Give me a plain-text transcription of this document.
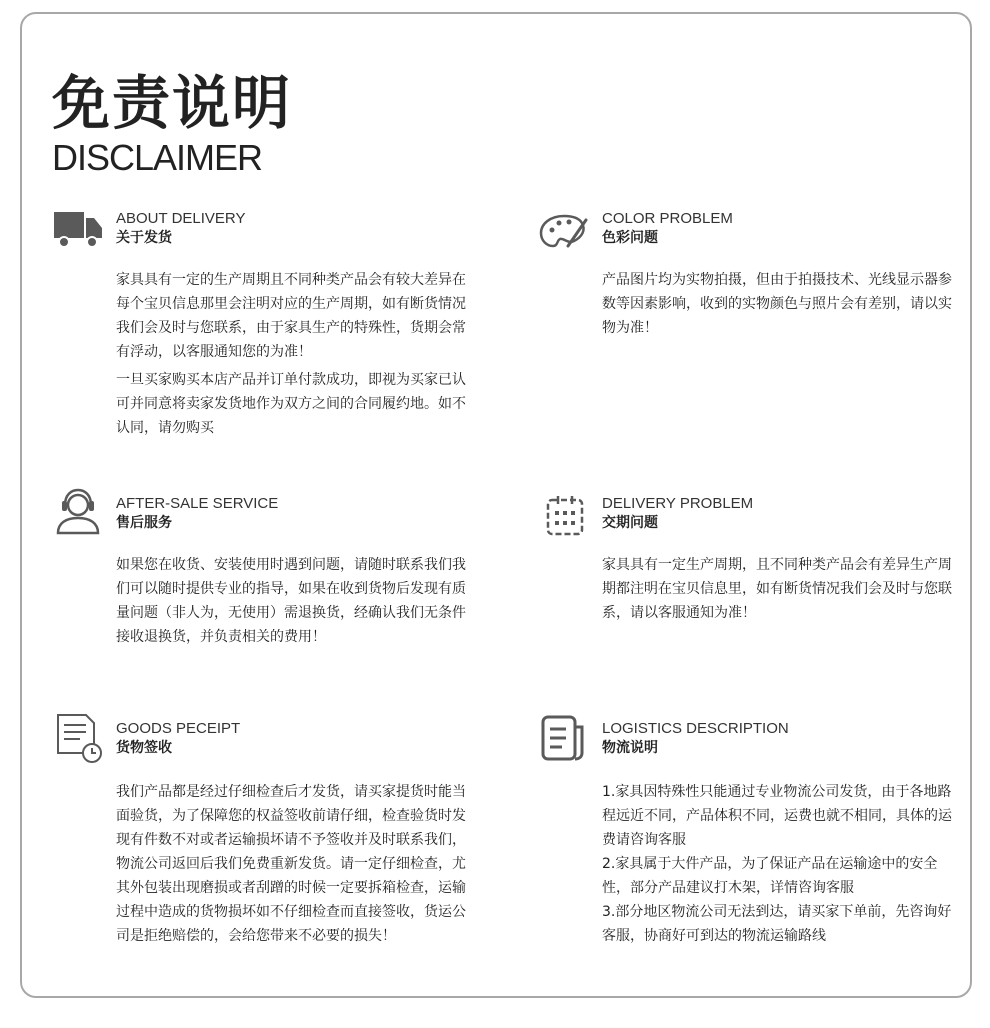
免责说明
DISCLAIMER
ABOUT DELIVERY
关于发货

家具具有一定的生产周期且不同种类产品会有较大差异在每个宝贝信息那里会注明对应的生产周期，如有断货情况我们会及时与您联系，由于家具生产的特殊性，货期会常有浮动，以客服通知您的为准！

一旦买家购买本店产品并订单付款成功，即视为买家已认可并同意将卖家发货地作为双方之间的合同履约地。如不认同，请勿购买

COLOR PROBLEM
色彩问题

产品图片均为实物拍摄，但由于拍摄技术、光线显示器参数等因素影响，收到的实物颜色与照片会有差别，请以实物为准！

AFTER-SALE SERVICE
售后服务

如果您在收货、安装使用时遇到问题，请随时联系我们我们可以随时提供专业的指导，如果在收到货物后发现有质量问题（非人为，无使用）需退换货，经确认我们无条件接收退换货，并负责相关的费用！

DELIVERY PROBLEM
交期问题

家具具有一定生产周期，且不同种类产品会有差异生产周期都注明在宝贝信息里，如有断货情况我们会及时与您联系，请以客服通知为准！

GOODS PECEIPT
货物签收

我们产品都是经过仔细检查后才发货，请买家提货时能当面验货，为了保障您的权益签收前请仔细，检查验货时发现有件数不对或者运输损坏请不予签收并及时联系我们，物流公司返回后我们免费重新发货。请一定仔细检查，尤其外包装出现磨损或者刮蹭的时候一定要拆箱检查，运输过程中造成的货物损坏如不仔细检查而直接签收，货运公司是拒绝赔偿的，会给您带来不必要的损失！

LOGISTICS DESCRIPTION
物流说明

1.家具因特殊性只能通过专业物流公司发货，由于各地路程远近不同，产品体积不同，运费也就不相同，具体的运费请咨询客服

2.家具属于大件产品，为了保证产品在运输途中的安全性，部分产品建议打木架，详情咨询客服

3.部分地区物流公司无法到达，请买家下单前，先咨询好客服，协商好可到达的物流运输路线
